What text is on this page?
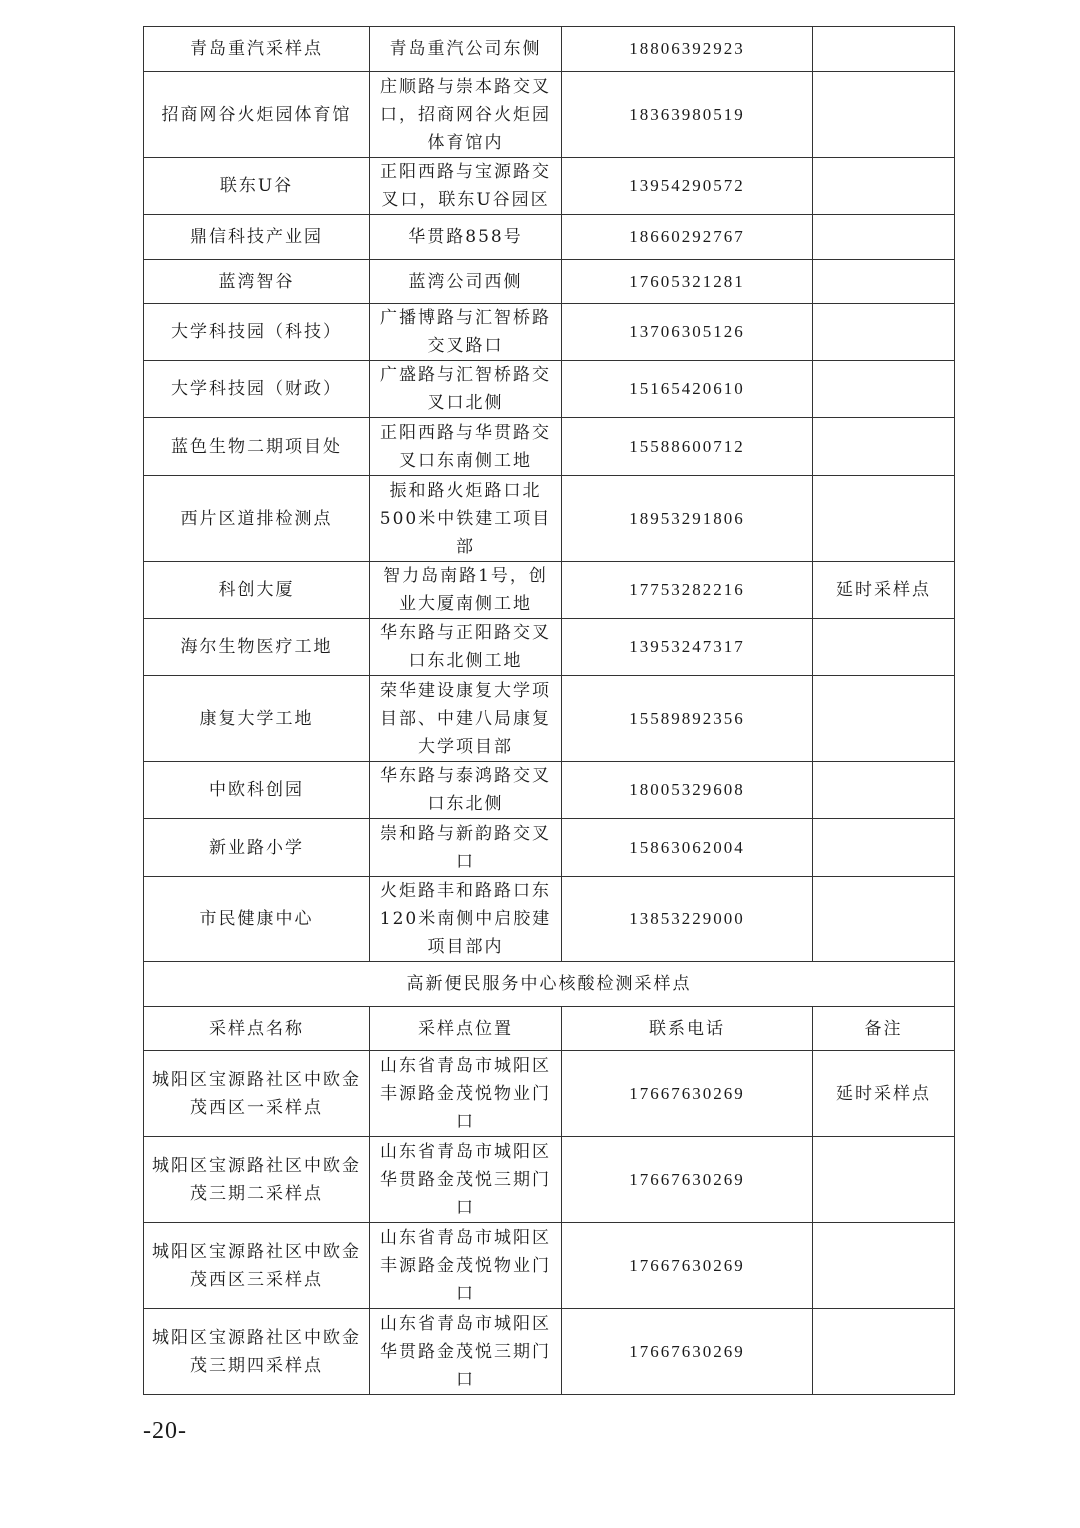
青岛重汽采样点	青岛重汽公司东侧	18806392923	
招商网谷火炬园体育馆	庄顺路与崇本路交叉口，招商网谷火炬园体育馆内	18363980519	
联东U谷	正阳西路与宝源路交叉口，联东U谷园区	13954290572	
鼎信科技产业园	华贯路858号	18660292767	
蓝湾智谷	蓝湾公司西侧	17605321281	
大学科技园（科技）	广播博路与汇智桥路交叉路口	13706305126	
大学科技园（财政）	广盛路与汇智桥路交叉口北侧	15165420610	
蓝色生物二期项目处	正阳西路与华贯路交叉口东南侧工地	15588600712	
西片区道排检测点	振和路火炬路口北500米中铁建工项目部	18953291806	
科创大厦	智力岛南路1号，创业大厦南侧工地	17753282216	延时采样点
海尔生物医疗工地	华东路与正阳路交叉口东北侧工地	13953247317	
康复大学工地	荣华建设康复大学项目部、中建八局康复大学项目部	15589892356	
中欧科创园	华东路与泰鸿路交叉口东北侧	18005329608	
新业路小学	崇和路与新韵路交叉口	15863062004	
市民健康中心	火炬路丰和路路口东120米南侧中启胶建项目部内	13853229000	
高新便民服务中心核酸检测采样点			
采样点名称	采样点位置	联系电话	备注
城阳区宝源路社区中欧金茂西区一采样点	山东省青岛市城阳区丰源路金茂悦物业门口	17667630269	延时采样点
城阳区宝源路社区中欧金茂三期二采样点	山东省青岛市城阳区华贯路金茂悦三期门口	17667630269	
城阳区宝源路社区中欧金茂西区三采样点	山东省青岛市城阳区丰源路金茂悦物业门口	17667630269	
城阳区宝源路社区中欧金茂三期四采样点	山东省青岛市城阳区华贯路金茂悦三期门口	17667630269	
-20-
